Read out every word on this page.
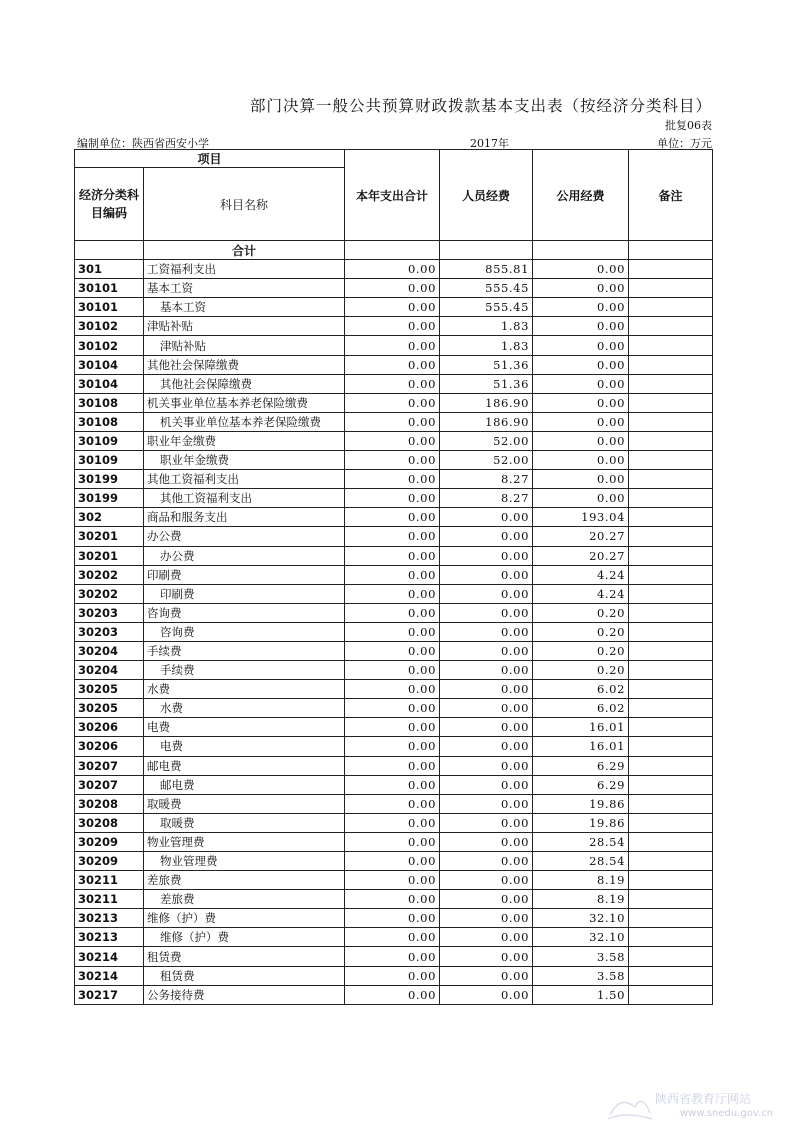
部门决算一般公共预算财政拨款基本支出表（按经济分类科目）
批复06表
编制单位：陕西省西安小学	2017年	单位：万元
项目		本年支出合计	人员经费	公用经费	备注
经济分类科目编码	科目名称				
	合计				
301	工资福利支出	0.00	855.81	0.00	
30101	基本工资	0.00	555.45	0.00	
30101	基本工资	0.00	555.45	0.00	
30102	津贴补贴	0.00	1.83	0.00	
30102	津贴补贴	0.00	1.83	0.00	
30104	其他社会保障缴费	0.00	51.36	0.00	
30104	其他社会保障缴费	0.00	51.36	0.00	
30108	机关事业单位基本养老保险缴费	0.00	186.90	0.00	
30108	机关事业单位基本养老保险缴费	0.00	186.90	0.00	
30109	职业年金缴费	0.00	52.00	0.00	
30109	职业年金缴费	0.00	52.00	0.00	
30199	其他工资福利支出	0.00	8.27	0.00	
30199	其他工资福利支出	0.00	8.27	0.00	
302	商品和服务支出	0.00	0.00	193.04	
30201	办公费	0.00	0.00	20.27	
30201	办公费	0.00	0.00	20.27	
30202	印刷费	0.00	0.00	4.24	
30202	印刷费	0.00	0.00	4.24	
30203	咨询费	0.00	0.00	0.20	
30203	咨询费	0.00	0.00	0.20	
30204	手续费	0.00	0.00	0.20	
30204	手续费	0.00	0.00	0.20	
30205	水费	0.00	0.00	6.02	
30205	水费	0.00	0.00	6.02	
30206	电费	0.00	0.00	16.01	
30206	电费	0.00	0.00	16.01	
30207	邮电费	0.00	0.00	6.29	
30207	邮电费	0.00	0.00	6.29	
30208	取暖费	0.00	0.00	19.86	
30208	取暖费	0.00	0.00	19.86	
30209	物业管理费	0.00	0.00	28.54	
30209	物业管理费	0.00	0.00	28.54	
30211	差旅费	0.00	0.00	8.19	
30211	差旅费	0.00	0.00	8.19	
30213	维修（护）费	0.00	0.00	32.10	
30213	维修（护）费	0.00	0.00	32.10	
30214	租赁费	0.00	0.00	3.58	
30214	租赁费	0.00	0.00	3.58	
30217	公务接待费	0.00	0.00	1.50	
陕西省教育厅网站
www.snedu.gov.cn
